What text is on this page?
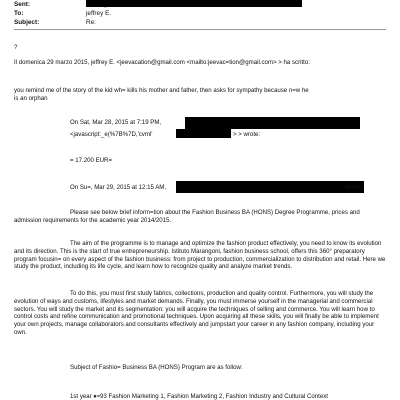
Sent:
To:	jeffrey E.
Subject:	Re:
?
Il domenica 29 marzo 2015, jeffrey E. <jeevacation@gmail.com <mailto:jeevac=tion@gmail.com> > ha scritto:
you remind me of the story of the kid wh= kills his mother and father, then asks for sympathy because n=w he
is an orphan
On Sat, Mar 28, 2015 at 7:19 PM,
<javascript:_e(%7B%7D,'cvml'	> > wrote:
= 17.200 EUR=
On Su=, Mar 29, 2015 at 12:15 AM,	wrote:
Please see below brief inform=tion about the Fashion Business BA (HONS) Degree Programme, prices and admission requirements for the academic year 2014/2015.
The aim of the programme is to manage and optimize the fashion product effectively, you need to know its evolution and its direction. This is the start of true entrepreneurship. Istituto Marangoni, fashion business school, offers this 360° preparatory program focusin= on every aspect of the fashion business: from project to production, commercialization to distribution and retail. Here we study the product, including its life cycle, and learn how to recognize quality and analyze market trends.
To do this, you must first study fabrics, collections, production and quality control. Furthermore, you will study the evolution of ways and customs, lifestyles and market demands. Finally, you must immerse yourself in the managerial and commercial sectors. You will study the market and its segmentation: you will acquire the techniques of selling and commerce. You will learn how to control costs and refine communication and promotional techniques. Upon acquiring all these skills, you will finally be able to implement your own projects, manage collaborators and consultants effectively and jumpstart your career in any fashion company, including your own.
Subject of Fashio= Business BA (HONS) Program are as follow:
1st year ♦=93 Fashion Marketing 1, Fashion Marketing 2, Fashion Industry and Cultural Context
